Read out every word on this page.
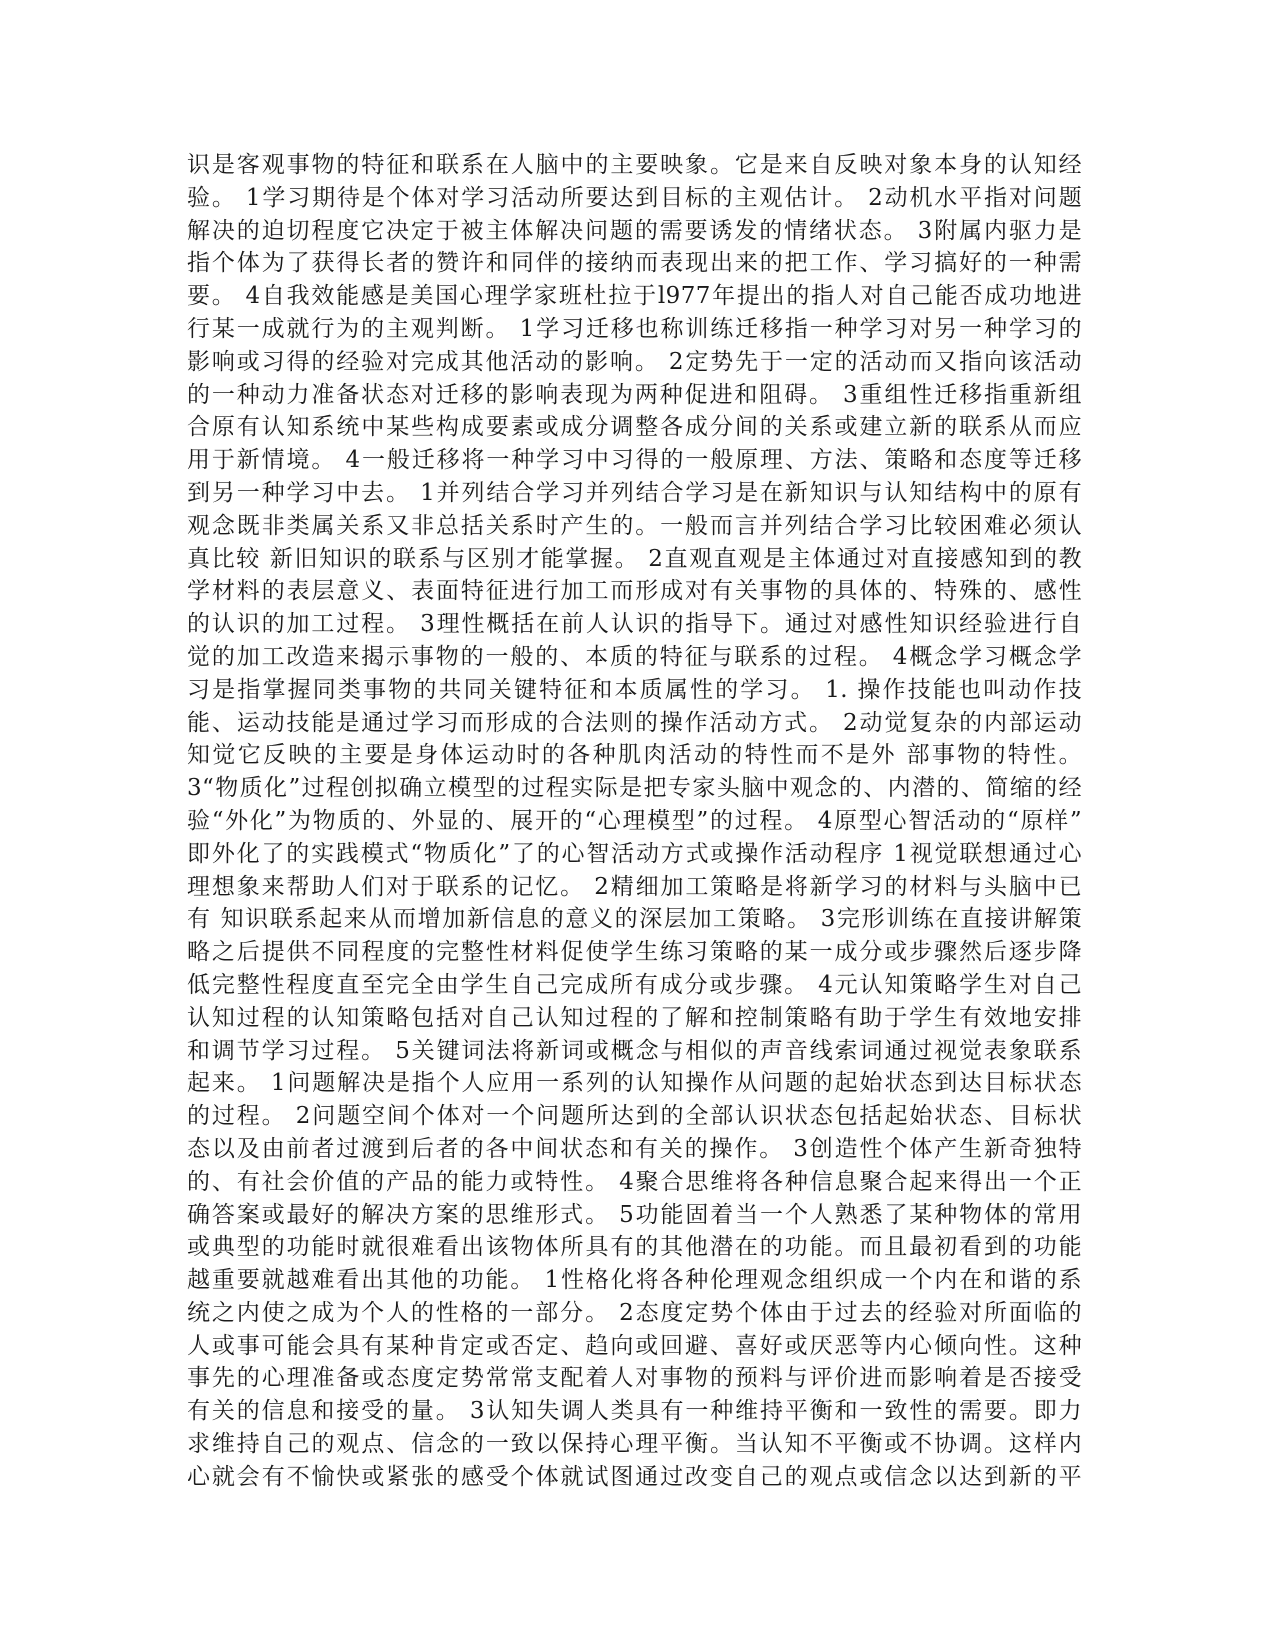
识是客观事物的特征和联系在人脑中的主要映象。它是来自反映对象本身的认知经
验。 1学习期待是个体对学习活动所要达到目标的主观估计。 2动机水平指对问题
解决的迫切程度它决定于被主体解决问题的需要诱发的情绪状态。 3附属内驱力是
指个体为了获得长者的赞许和同伴的接纳而表现出来的把工作、学习搞好的一种需
要。 4自我效能感是美国心理学家班杜拉于l977年提出的指人对自己能否成功地进
行某一成就行为的主观判断。 1学习迁移也称训练迁移指一种学习对另一种学习的
影响或习得的经验对完成其他活动的影响。 2定势先于一定的活动而又指向该活动
的一种动力准备状态对迁移的影响表现为两种促进和阻碍。 3重组性迁移指重新组
合原有认知系统中某些构成要素或成分调整各成分间的关系或建立新的联系从而应
用于新情境。 4一般迁移将一种学习中习得的一般原理、方法、策略和态度等迁移
到另一种学习中去。 1并列结合学习并列结合学习是在新知识与认知结构中的原有
观念既非类属关系又非总括关系时产生的。一般而言并列结合学习比较困难必须认
真比较 新旧知识的联系与区别才能掌握。 2直观直观是主体通过对直接感知到的教
学材料的表层意义、表面特征进行加工而形成对有关事物的具体的、特殊的、感性
的认识的加工过程。 3理性概括在前人认识的指导下。通过对感性知识经验进行自
觉的加工改造来揭示事物的一般的、本质的特征与联系的过程。 4概念学习概念学
习是指掌握同类事物的共同关键特征和本质属性的学习。 1. 操作技能也叫动作技
能、运动技能是通过学习而形成的合法则的操作活动方式。 2动觉复杂的内部运动
知觉它反映的主要是身体运动时的各种肌肉活动的特性而不是外 部事物的特性。
3“物质化”过程创拟确立模型的过程实际是把专家头脑中观念的、内潜的、简缩的经
验“外化”为物质的、外显的、展开的“心理模型”的过程。 4原型心智活动的“原样”
即外化了的实践模式“物质化”了的心智活动方式或操作活动程序 1视觉联想通过心
理想象来帮助人们对于联系的记忆。 2精细加工策略是将新学习的材料与头脑中已
有 知识联系起来从而增加新信息的意义的深层加工策略。 3完形训练在直接讲解策
略之后提供不同程度的完整性材料促使学生练习策略的某一成分或步骤然后逐步降
低完整性程度直至完全由学生自己完成所有成分或步骤。 4元认知策略学生对自己
认知过程的认知策略包括对自己认知过程的了解和控制策略有助于学生有效地安排
和调节学习过程。 5关键词法将新词或概念与相似的声音线索词通过视觉表象联系
起来。 1问题解决是指个人应用一系列的认知操作从问题的起始状态到达目标状态
的过程。 2问题空间个体对一个问题所达到的全部认识状态包括起始状态、目标状
态以及由前者过渡到后者的各中间状态和有关的操作。 3创造性个体产生新奇独特
的、有社会价值的产品的能力或特性。 4聚合思维将各种信息聚合起来得出一个正
确答案或最好的解决方案的思维形式。 5功能固着当一个人熟悉了某种物体的常用
或典型的功能时就很难看出该物体所具有的其他潜在的功能。而且最初看到的功能
越重要就越难看出其他的功能。 1性格化将各种伦理观念组织成一个内在和谐的系
统之内使之成为个人的性格的一部分。 2态度定势个体由于过去的经验对所面临的
人或事可能会具有某种肯定或否定、趋向或回避、喜好或厌恶等内心倾向性。这种
事先的心理准备或态度定势常常支配着人对事物的预料与评价进而影响着是否接受
有关的信息和接受的量。 3认知失调人类具有一种维持平衡和一致性的需要。即力
求维持自己的观点、信念的一致以保持心理平衡。当认知不平衡或不协调。这样内
心就会有不愉快或紧张的感受个体就试图通过改变自己的观点或信念以达到新的平
